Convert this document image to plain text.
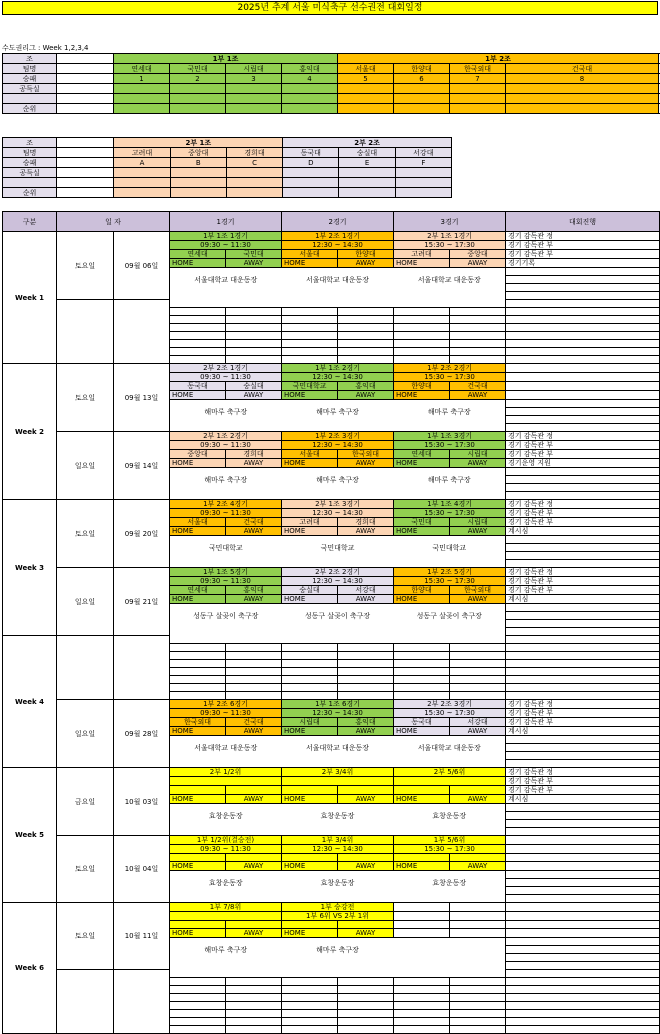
2025년 추계 서울 미식축구 선수권전 대회일정
수도권리그 : Week 1,2,3,4
조		1부 1조				1부 2조			
팀명		연세대	국민대	시립대	홍익대	서울대	한양대	한국외대	건국대
승패		1	2	3	4	5	6	7	8
공득실									

순위									
조		2부 1조			2부 2조		
팀명		고려대	중앙대	경희대	동국대	숭실대	서강대
승패		A	B	C	D	E	F
공득실							

순위							
구분	일 자		1경기		2경기		3경기		대회진행
Week 1	토요일	09월 06일	1부 1조 1경기		1부 2조 1경기		2부 1조 1경기		경기 감독관 정
			09:30 ~ 11:30		12:30 ~ 14:30		15:30 ~ 17:30		경기 감독관 부
			연세대	국민대	서울대	한양대	고려대	중앙대	경기 감독관 부
			HOME	AWAY	HOME	AWAY	HOME	AWAY	경기기록

			서울대학교 대운동장		서울대학교 대운동장		서울대학교 대운동장		

Week 2	토요일	09월 13일	2부 2조 1경기		1부 1조 2경기		1부 2조 2경기		
			09:30 ~ 11:30		12:30 ~ 14:30		15:30 ~ 17:30		
			동국대	숭실대	국민대학교	홍익대	한양대	건국대	
			HOME	AWAY	HOME	AWAY	HOME	AWAY	

			해마루 축구장		해마루 축구장		해마루 축구장		

	일요일	09월 14일	2부 1조 2경기		1부 2조 3경기		1부 1조 3경기		경기 감독관 정
			09:30 ~ 11:30		12:30 ~ 14:30		15:30 ~ 17:30		경기 감독관 부
			중앙대	경희대	서울대	한국외대	연세대	시립대	경기 감독관 부
			HOME	AWAY	HOME	AWAY	HOME	AWAY	경기운영 지원

			해마루 축구장		해마루 축구장		해마루 축구장		

Week 3	토요일	09월 20일	1부 2조 4경기		2부 1조 3경기		1부 1조 4경기		경기 감독관 정
			09:30 ~ 11:30		12:30 ~ 14:30		15:30 ~ 17:30		경기 감독관 부
			서울대	건국대	고려대	경희대	국민대	시립대	경기 감독관 부
			HOME	AWAY	HOME	AWAY	HOME	AWAY	계시심

			국민대학교		국민대학교		국민대학교		

	일요일	09월 21일	1부 1조 5경기		2부 2조 2경기		1부 2조 5경기		경기 감독관 정
			09:30 ~ 11:30		12:30 ~ 14:30		15:30 ~ 17:30		경기 감독관 부
			연세대	홍익대	숭실대	서강대	한양대	한국외대	경기 감독관 부
			HOME	AWAY	HOME	AWAY	HOME	AWAY	계시심

			성동구 살곶이 축구장		성동구 살곶이 축구장		성동구 살곶이 축구장		

Week 4									

	일요일	09월 28일	1부 2조 6경기		1부 1조 6경기		2부 2조 3경기		경기 감독관 정
			09:30 ~ 11:30		12:30 ~ 14:30		15:30 ~ 17:30		경기 감독관 부
			한국외대	건국대	시립대	홍익대	동국대	서강대	경기 감독관 부
			HOME	AWAY	HOME	AWAY	HOME	AWAY	계시심

			서울대학교 대운동장		서울대학교 대운동장		서울대학교 대운동장		

Week 5	금요일	10월 03일	2부 1/2위		2부 3/4위		2부 5/6위		경기 감독관 정
									경기 감독관 부
									경기 감독관 부
			HOME	AWAY	HOME	AWAY	HOME	AWAY	계시심

			효창운동장		효창운동장		효창운동장		

	토요일	10월 04일	1부 1/2위(결승전)		1부 3/4위		1부 5/6위		
			09:30 ~ 11:30		12:30 ~ 14:30		15:30 ~ 17:30		

			HOME	AWAY	HOME	AWAY	HOME	AWAY	

			효창운동장		효창운동장		효창운동장		

Week 6	토요일	10월 11일	1부 7/8위		1부 승강전				
					1부 6위 VS 2부 1위				

			HOME	AWAY	HOME	AWAY			

			해마루 축구장		해마루 축구장				
